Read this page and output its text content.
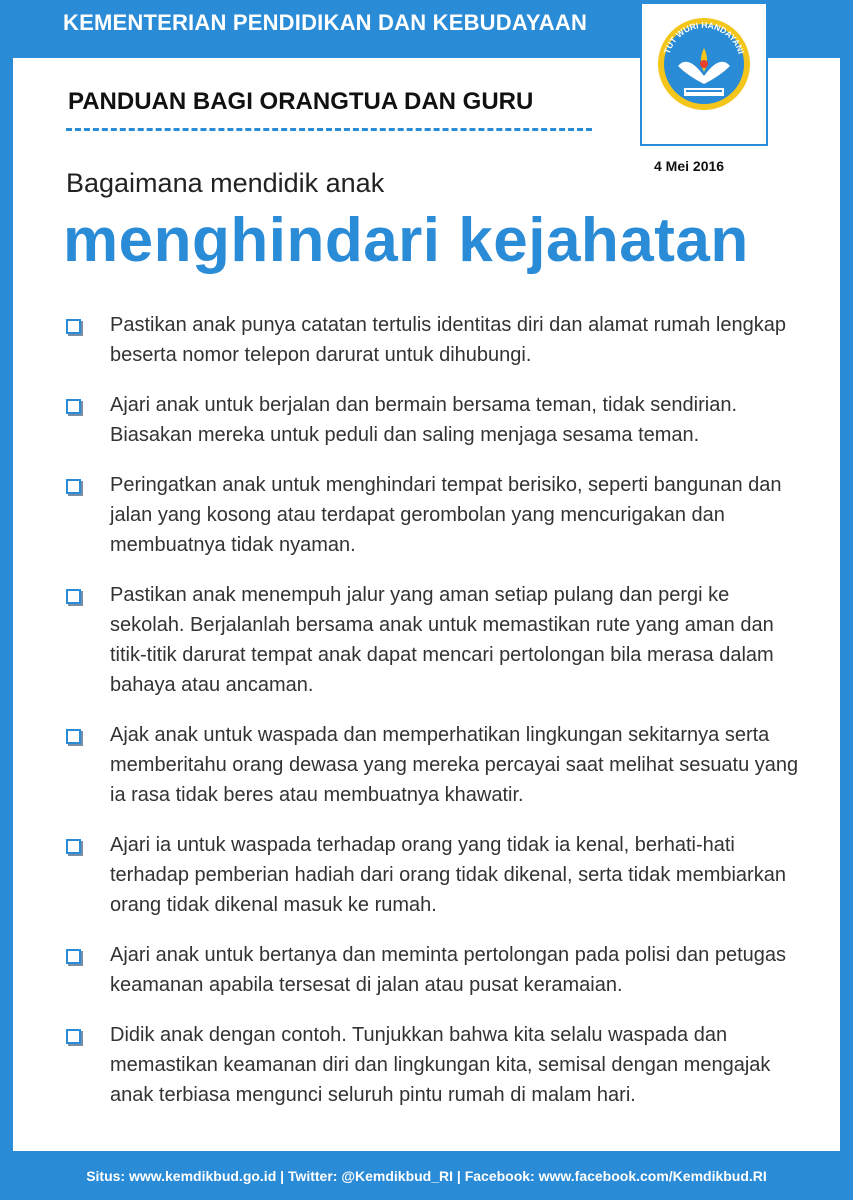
KEMENTERIAN PENDIDIKAN DAN KEBUDAYAAN
TUT WURI HANDAYANI
PANDUAN BAGI ORANGTUA DAN GURU
4 Mei 2016
Bagaimana mendidik anak
menghindari kejahatan
Pastikan anak punya catatan tertulis identitas diri dan alamat rumah lengkap beserta nomor telepon darurat untuk dihubungi.
Ajari anak untuk berjalan dan bermain bersama teman, tidak sendirian. Biasakan mereka untuk peduli dan saling menjaga sesama teman.
Peringatkan anak untuk menghindari tempat berisiko, seperti bangunan dan jalan yang kosong atau terdapat gerombolan yang mencurigakan dan membuatnya tidak nyaman.
Pastikan anak menempuh jalur yang aman setiap pulang dan pergi ke sekolah. Berjalanlah bersama anak untuk memastikan rute yang aman dan titik-titik darurat tempat anak dapat mencari pertolongan bila merasa dalam bahaya atau ancaman.
Ajak anak untuk waspada dan memperhatikan lingkungan sekitarnya serta memberitahu orang dewasa yang mereka percayai saat melihat sesuatu yang ia rasa tidak beres atau membuatnya khawatir.
Ajari ia untuk waspada terhadap orang yang tidak ia kenal, berhati-hati terhadap pemberian hadiah dari orang tidak dikenal, serta tidak membiarkan orang tidak dikenal masuk ke rumah.
Ajari anak untuk bertanya dan meminta pertolongan pada polisi dan petugas keamanan apabila tersesat di jalan atau pusat keramaian.
Didik anak dengan contoh. Tunjukkan bahwa kita selalu waspada dan memastikan keamanan diri dan lingkungan kita, semisal dengan mengajak anak terbiasa mengunci seluruh pintu rumah di malam hari.
Situs: www.kemdikbud.go.id | Twitter: @Kemdikbud_RI | Facebook: www.facebook.com/Kemdikbud.RI
